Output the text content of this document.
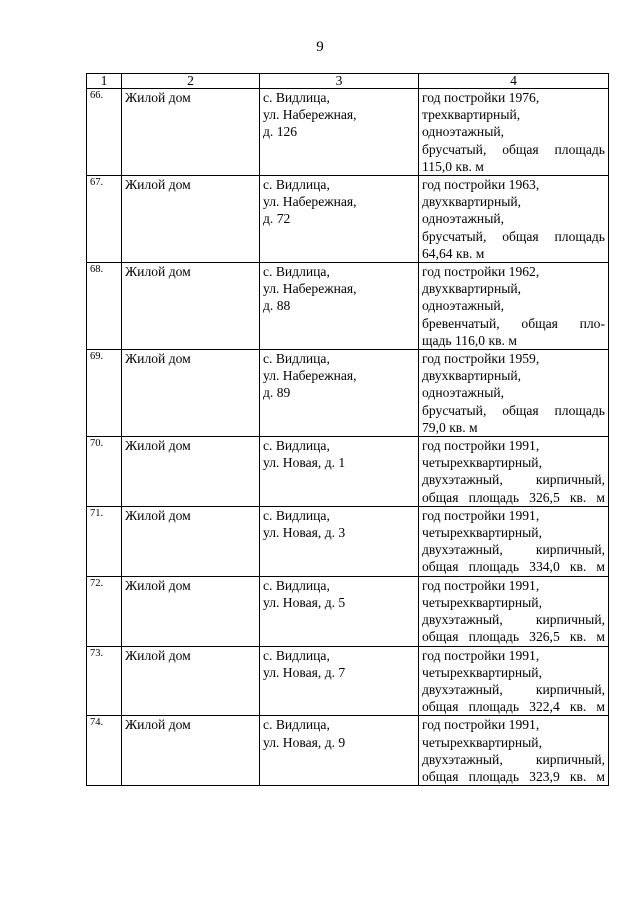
9
1	2	3	4
66.	Жилой дом	с. Видлица,
ул. Набережная,
д. 126	год постройки 1976,
трехквартирный,
одноэтажный,
брусчатый, общая площадь
115,0 кв. м

67.	Жилой дом	с. Видлица,
ул. Набережная,
д. 72	год постройки 1963,
двухквартирный,
одноэтажный,
брусчатый, общая площадь
64,64 кв. м

68.	Жилой дом	с. Видлица,
ул. Набережная,
д. 88	год постройки 1962,
двухквартирный,
одноэтажный,
бревенчатый, общая пло-
щадь 116,0 кв. м

69.	Жилой дом	с. Видлица,
ул. Набережная,
д. 89	год постройки 1959,
двухквартирный,
одноэтажный,
брусчатый, общая площадь
79,0 кв. м

70.	Жилой дом	с. Видлица,
ул. Новая, д. 1	год постройки 1991,
четырехквартирный,
двухэтажный, кирпичный,
общая площадь 326,5 кв. м

71.	Жилой дом	с. Видлица,
ул. Новая, д. 3	год постройки 1991,
четырехквартирный,
двухэтажный, кирпичный,
общая площадь 334,0 кв. м

72.	Жилой дом	с. Видлица,
ул. Новая, д. 5	год постройки 1991,
четырехквартирный,
двухэтажный, кирпичный,
общая площадь 326,5 кв. м

73.	Жилой дом	с. Видлица,
ул. Новая, д. 7	год постройки 1991,
четырехквартирный,
двухэтажный, кирпичный,
общая площадь 322,4 кв. м

74.	Жилой дом	с. Видлица,
ул. Новая, д. 9	год постройки 1991,
четырехквартирный,
двухэтажный, кирпичный,
общая площадь 323,9 кв. м
